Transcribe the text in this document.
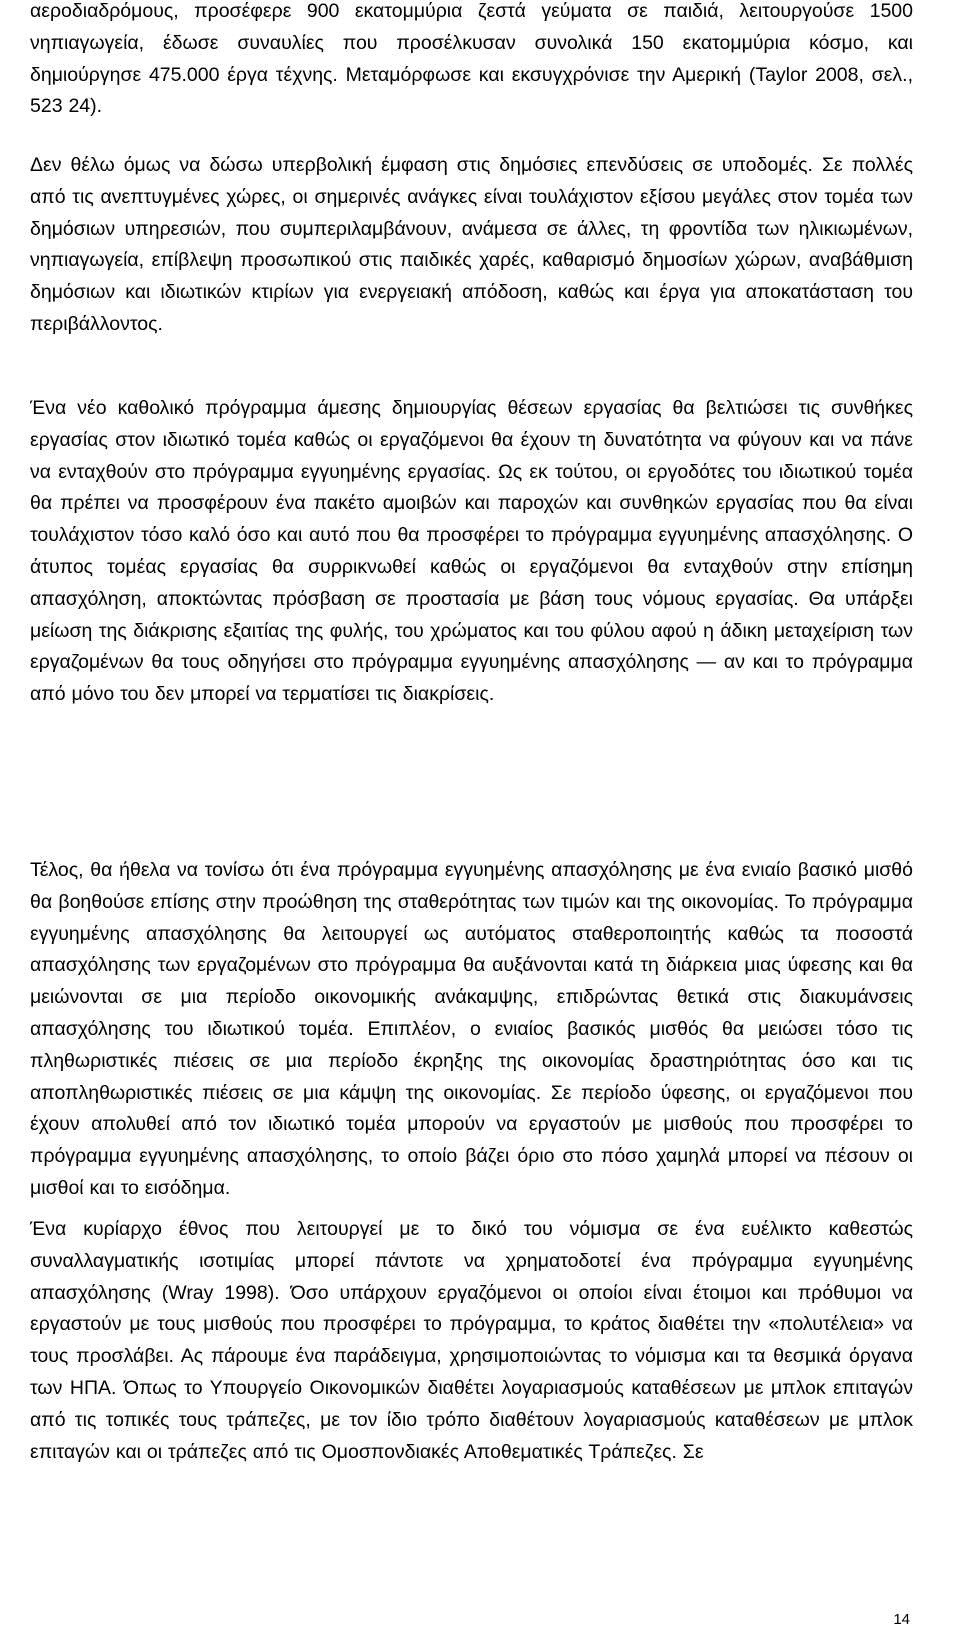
αεροδιαδρόμους, προσέφερε 900 εκατομμύρια ζεστά γεύματα σε παιδιά, λειτουργούσε 1500 νηπιαγωγεία, έδωσε συναυλίες που προσέλκυσαν συνολικά 150 εκατομμύρια κόσμο, και δημιούργησε 475.000 έργα τέχνης. Μεταμόρφωσε και εκσυγχρόνισε την Αμερική (Taylor 2008, σελ., 523 24).

Δεν θέλω όμως να δώσω υπερβολική έμφαση στις δημόσιες επενδύσεις σε υποδομές. Σε πολλές από τις ανεπτυγμένες χώρες, οι σημερινές ανάγκες είναι τουλάχιστον εξίσου μεγάλες στον τομέα των δημόσιων υπηρεσιών, που συμπεριλαμβάνουν, ανάμεσα σε άλλες, τη φροντίδα των ηλικιωμένων, νηπιαγωγεία, επίβλεψη προσωπικού στις παιδικές χαρές, καθαρισμό δημοσίων χώρων, αναβάθμιση δημόσιων και ιδιωτικών κτιρίων για ενεργειακή απόδοση, καθώς και έργα για αποκατάσταση του περιβάλλοντος.

Ένα νέο καθολικό πρόγραμμα άμεσης δημιουργίας θέσεων εργασίας θα βελτιώσει τις συνθήκες εργασίας στον ιδιωτικό τομέα καθώς οι εργαζόμενοι θα έχουν τη δυνατότητα να φύγουν και να πάνε να ενταχθούν στο πρόγραμμα εγγυημένης εργασίας. Ως εκ τούτου, οι εργοδότες του ιδιωτικού τομέα θα πρέπει να προσφέρουν ένα πακέτο αμοιβών και παροχών και συνθηκών εργασίας που θα είναι τουλάχιστον τόσο καλό όσο και αυτό που θα προσφέρει το πρόγραμμα εγγυημένης απασχόλησης. Ο άτυπος τομέας εργασίας θα συρρικνωθεί καθώς οι εργαζόμενοι θα ενταχθούν στην επίσημη απασχόληση, αποκτώντας πρόσβαση σε προστασία με βάση τους νόμους εργασίας. Θα υπάρξει μείωση της διάκρισης εξαιτίας της φυλής, του χρώματος και του φύλου αφού η άδικη μεταχείριση των εργαζομένων θα τους οδηγήσει στο πρόγραμμα εγγυημένης απασχόλησης — αν και το πρόγραμμα από μόνο του δεν μπορεί να τερματίσει τις διακρίσεις.

Τέλος, θα ήθελα να τονίσω ότι ένα πρόγραμμα εγγυημένης απασχόλησης με ένα ενιαίο βασικό μισθό θα βοηθούσε επίσης στην προώθηση της σταθερότητας των τιμών και της οικονομίας. Το πρόγραμμα εγγυημένης απασχόλησης θα λειτουργεί ως αυτόματος σταθεροποιητής καθώς τα ποσοστά απασχόλησης των εργαζομένων στο πρόγραμμα θα αυξάνονται κατά τη διάρκεια μιας ύφεσης και θα μειώνονται σε μια περίοδο οικονομικής ανάκαμψης, επιδρώντας θετικά στις διακυμάνσεις απασχόλησης του ιδιωτικού τομέα. Επιπλέον, ο ενιαίος βασικός μισθός θα μειώσει τόσο τις πληθωριστικές πιέσεις σε μια περίοδο έκρηξης της οικονομίας δραστηριότητας όσο και τις αποπληθωριστικές πιέσεις σε μια κάμψη της οικονομίας. Σε περίοδο ύφεσης, οι εργαζόμενοι που έχουν απολυθεί από τον ιδιωτικό τομέα μπορούν να εργαστούν με μισθούς που προσφέρει το πρόγραμμα εγγυημένης απασχόλησης, το οποίο βάζει όριο στο πόσο χαμηλά μπορεί να πέσουν οι μισθοί και το εισόδημα.

Ένα κυρίαρχο έθνος που λειτουργεί με το δικό του νόμισμα σε ένα ευέλικτο καθεστώς συναλλαγματικής ισοτιμίας μπορεί πάντοτε να χρηματοδοτεί ένα πρόγραμμα εγγυημένης απασχόλησης (Wray 1998). Όσο υπάρχουν εργαζόμενοι οι οποίοι είναι έτοιμοι και πρόθυμοι να εργαστούν με τους μισθούς που προσφέρει το πρόγραμμα, το κράτος διαθέτει την «πολυτέλεια» να τους προσλάβει. Ας πάρουμε ένα παράδειγμα, χρησιμοποιώντας το νόμισμα και τα θεσμικά όργανα των ΗΠΑ. Όπως το Υπουργείο Οικονομικών διαθέτει λογαριασμούς καταθέσεων με μπλοκ επιταγών από τις τοπικές τους τράπεζες, με τον ίδιο τρόπο διαθέτουν λογαριασμούς καταθέσεων με μπλοκ επιταγών και οι τράπεζες από τις Ομοσπονδιακές Αποθεματικές Τράπεζες. Σε

14
